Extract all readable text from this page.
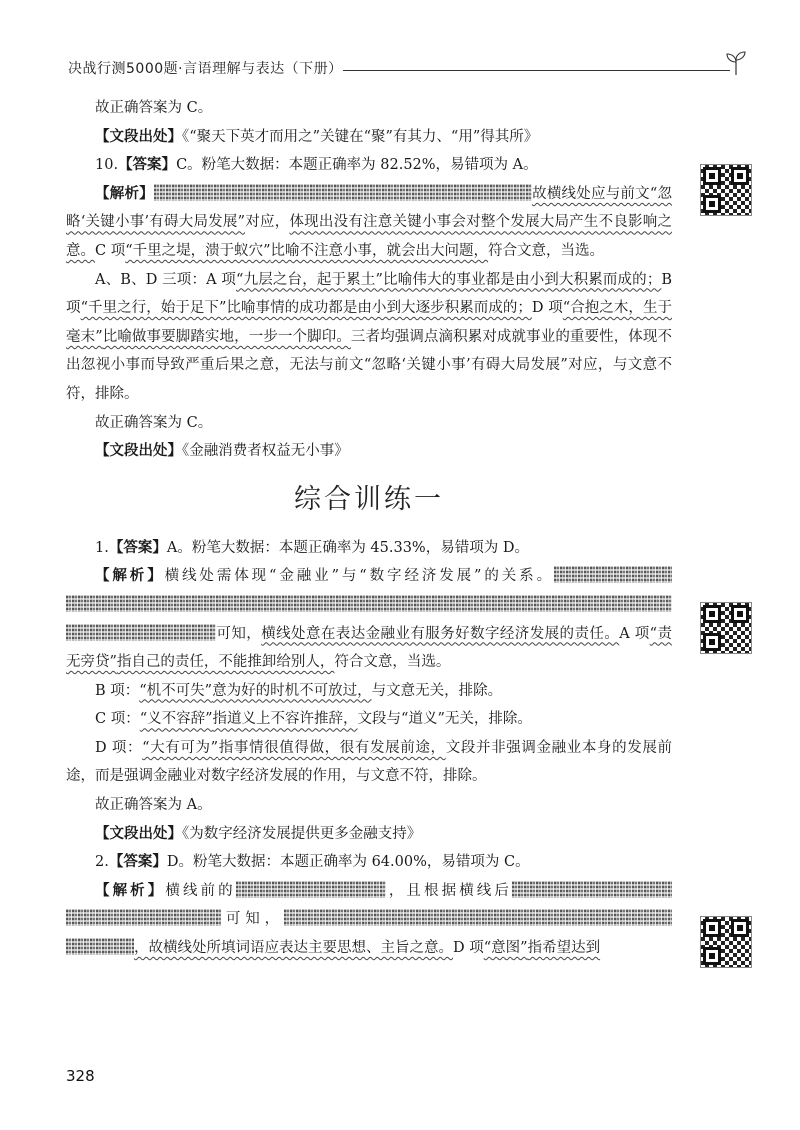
决战行测5000题·言语理解与表达（下册）

故正确答案为 C。

【文段出处】《“聚天下英才而用之”关键在“聚”有其力、“用”得其所》

10.【答案】C。粉笔大数据：本题正确率为 82.52%，易错项为 A。

【解析】	故横线处应与前文“忽略‘关键小事’有碍大局发展”对应，体现出没有注意关键小事会对整个发展大局产生不良影响之意。C 项“千里之堤，溃于蚁穴”比喻不注意小事，就会出大问题，符合文意，当选。

A、B、D 三项：A 项“九层之台，起于累土”比喻伟大的事业都是由小到大积累而成的；B 项“千里之行，始于足下”比喻事情的成功都是由小到大逐步积累而成的；D 项“合抱之木，生于毫末”比喻做事要脚踏实地，一步一个脚印。三者均强调点滴积累对成就事业的重要性，体现不出忽视小事而导致严重后果之意，无法与前文“忽略‘关键小事’有碍大局发展”对应，与文意不符，排除。

故正确答案为 C。

【文段出处】《金融消费者权益无小事》

综合训练一

1.【答案】A。粉笔大数据：本题正确率为 45.33%，易错项为 D。

【解析】横线处需体现“金融业”与“数字经济发展”的关系。可知，横线处意在表达金融业有服务好数字经济发展的责任。A 项“责无旁贷”指自己的责任，不能推卸给别人，符合文意，当选。

B 项：“机不可失”意为好的时机不可放过，与文意无关，排除。

C 项：“义不容辞”指道义上不容许推辞，文段与“道义”无关，排除。

D 项：“大有可为”指事情很值得做，很有发展前途，文段并非强调金融业本身的发展前途，而是强调金融业对数字经济发展的作用，与文意不符，排除。

故正确答案为 A。

【文段出处】《为数字经济发展提供更多金融支持》

2.【答案】D。粉笔大数据：本题正确率为 64.00%，易错项为 C。

【解析】横线前的	，且根据横线后可知，，故横线处所填词语应表达主要思想、主旨之意。D 项“意图”指希望达到

328
